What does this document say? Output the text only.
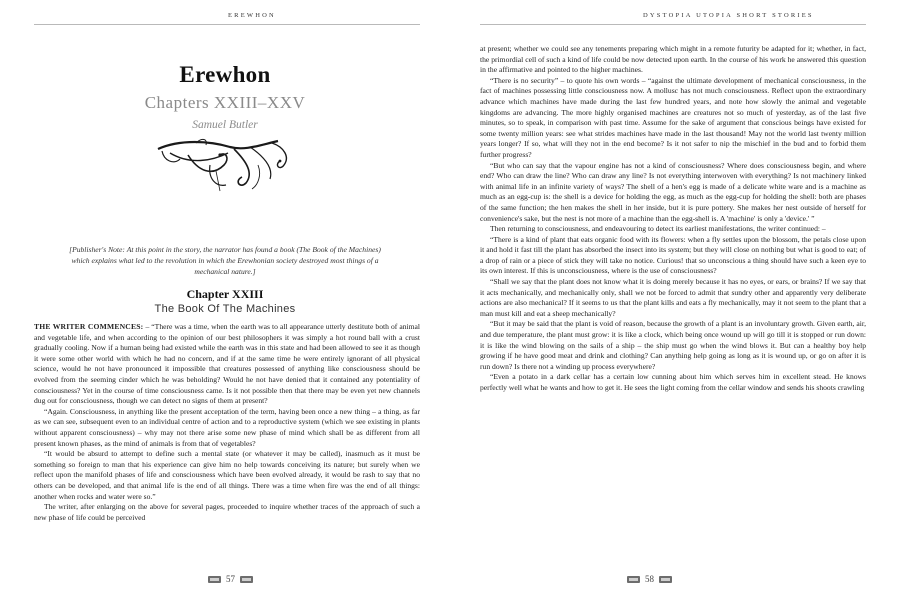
EREWHON
Erewhon
Chapters XXIII–XXV
Samuel Butler
[Publisher's Note: At this point in the story, the narrator has found a book (The Book of the Machines) which explains what led to the revolution in which the Erewhonian society destroyed most things of a mechanical nature.]
Chapter XXIII
The Book Of The Machines

THE WRITER COMMENCES: – “There was a time, when the earth was to all appearance utterly destitute both of animal and vegetable life, and when according to the opinion of our best philosophers it was simply a hot round ball with a crust gradually cooling. Now if a human being had existed while the earth was in this state and had been allowed to see it as though it were some other world with which he had no concern, and if at the same time he were entirely ignorant of all physical science, would he not have pronounced it impossible that creatures possessed of anything like consciousness should be evolved from the seeming cinder which he was beholding? Would he not have denied that it contained any potentiality of consciousness? Yet in the course of time consciousness came. Is it not possible then that there may be even yet new channels dug out for consciousness, though we can detect no signs of them at present?

“Again. Consciousness, in anything like the present acceptation of the term, having been once a new thing – a thing, as far as we can see, subsequent even to an individual centre of action and to a reproductive system (which we see existing in plants without apparent consciousness) – why may not there arise some new phase of mind which shall be as different from all present known phases, as the mind of animals is from that of vegetables?

“It would be absurd to attempt to define such a mental state (or whatever it may be called), inasmuch as it must be something so foreign to man that his experience can give him no help towards conceiving its nature; but surely when we reflect upon the manifold phases of life and consciousness which have been evolved already, it would be rash to say that no others can be developed, and that animal life is the end of all things. There was a time when fire was the end of all things: another when rocks and water were so.”

The writer, after enlarging on the above for several pages, proceeded to inquire whether traces of the approach of such a new phase of life could be perceived

57
DYSTOPIA UTOPIA SHORT STORIES

at present; whether we could see any tenements preparing which might in a remote futurity be adapted for it; whether, in fact, the primordial cell of such a kind of life could be now detected upon earth. In the course of his work he answered this question in the affirmative and pointed to the higher machines.

“There is no security” – to quote his own words – “against the ultimate development of mechanical consciousness, in the fact of machines possessing little consciousness now. A mollusc has not much consciousness. Reflect upon the extraordinary advance which machines have made during the last few hundred years, and note how slowly the animal and vegetable kingdoms are advancing. The more highly organised machines are creatures not so much of yesterday, as of the last five minutes, so to speak, in comparison with past time. Assume for the sake of argument that conscious beings have existed for some twenty million years: see what strides machines have made in the last thousand! May not the world last twenty million years longer? If so, what will they not in the end become? Is it not safer to nip the mischief in the bud and to forbid them further progress?

“But who can say that the vapour engine has not a kind of consciousness? Where does consciousness begin, and where end? Who can draw the line? Who can draw any line? Is not everything interwoven with everything? Is not machinery linked with animal life in an infinite variety of ways? The shell of a hen's egg is made of a delicate white ware and is a machine as much as an egg-cup is: the shell is a device for holding the egg, as much as the egg-cup for holding the shell: both are phases of the same function; the hen makes the shell in her inside, but it is pure pottery. She makes her nest outside of herself for convenience's sake, but the nest is not more of a machine than the egg-shell is. A 'machine' is only a 'device.' ”

Then returning to consciousness, and endeavouring to detect its earliest manifestations, the writer continued: –

“There is a kind of plant that eats organic food with its flowers: when a fly settles upon the blossom, the petals close upon it and hold it fast till the plant has absorbed the insect into its system; but they will close on nothing but what is good to eat; of a drop of rain or a piece of stick they will take no notice. Curious! that so unconscious a thing should have such a keen eye to its own interest. If this is unconsciousness, where is the use of consciousness?

“Shall we say that the plant does not know what it is doing merely because it has no eyes, or ears, or brains? If we say that it acts mechanically, and mechanically only, shall we not be forced to admit that sundry other and apparently very deliberate actions are also mechanical? If it seems to us that the plant kills and eats a fly mechanically, may it not seem to the plant that a man must kill and eat a sheep mechanically?

“But it may be said that the plant is void of reason, because the growth of a plant is an involuntary growth. Given earth, air, and due temperature, the plant must grow: it is like a clock, which being once wound up will go till it is stopped or run down: it is like the wind blowing on the sails of a ship – the ship must go when the wind blows it. But can a healthy boy help growing if he have good meat and drink and clothing? Can anything help going as long as it is wound up, or go on after it is run down? Is there not a winding up process everywhere?

“Even a potato in a dark cellar has a certain low cunning about him which serves him in excellent stead. He knows perfectly well what he wants and how to get it. He sees the light coming from the cellar window and sends his shoots crawling

58
